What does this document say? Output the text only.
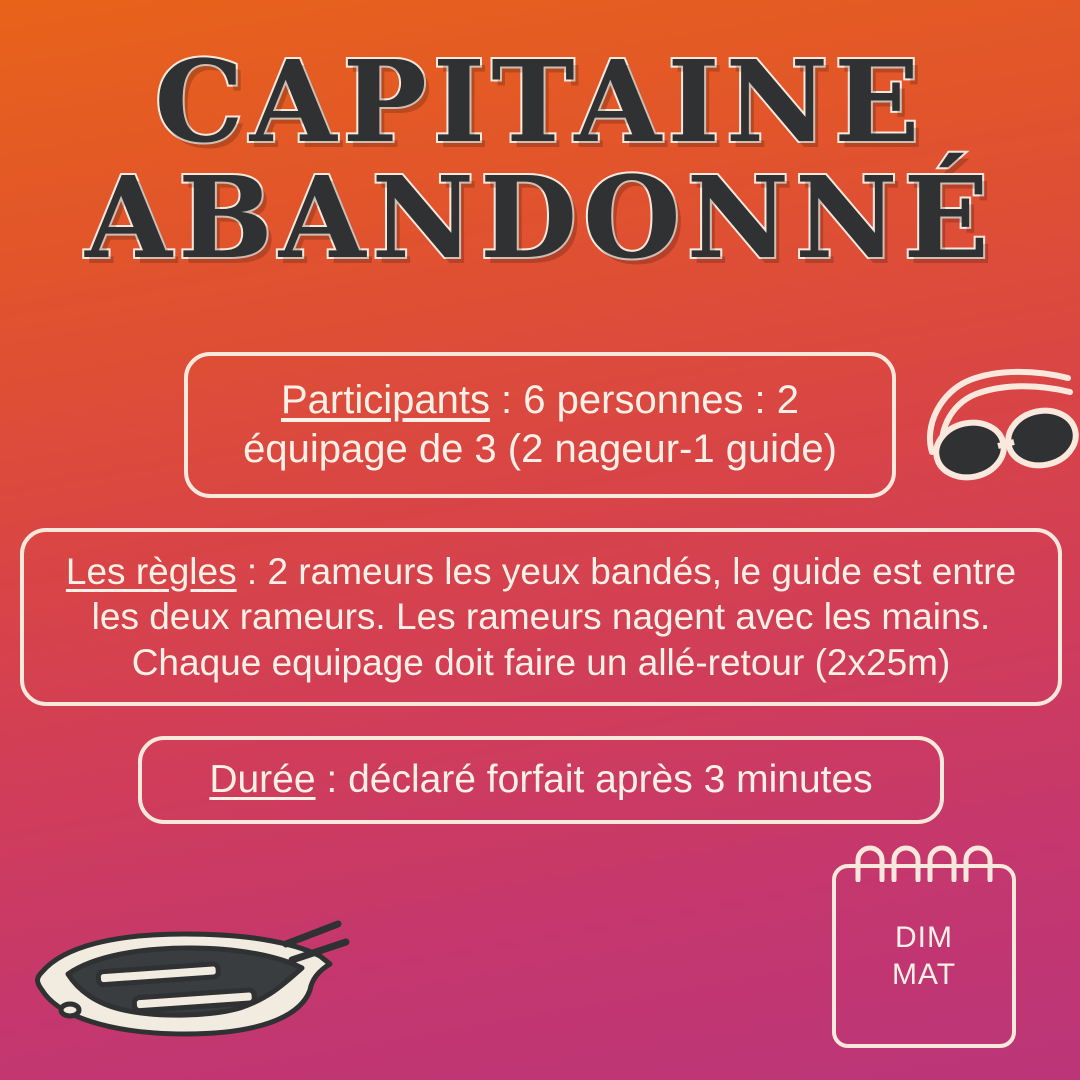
CAPITAINE
ABANDONNÉ

Participants : 6 personnes : 2 équipage de 3 (2 nageur-1 guide)

Les règles : 2 rameurs les yeux bandés, le guide est entre les deux rameurs. Les rameurs nagent avec les mains. Chaque equipage doit faire un allé-retour (2x25m)

Durée : déclaré forfait après 3 minutes

DIM
MAT
